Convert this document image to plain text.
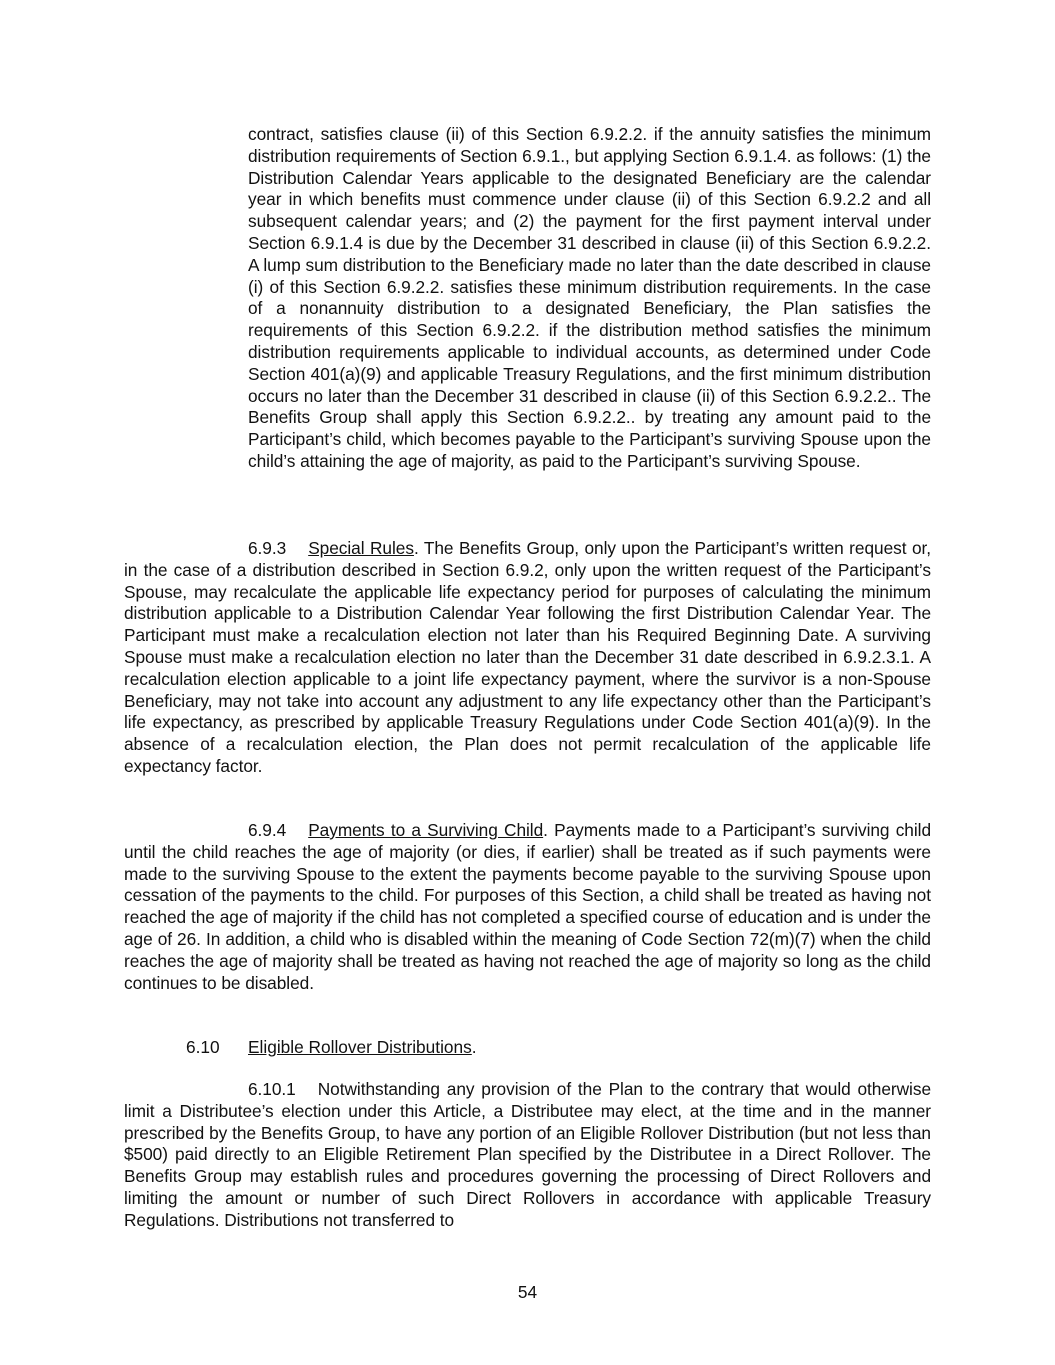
contract, satisfies clause (ii) of this Section 6.9.2.2. if the annuity satisfies the minimum distribution requirements of Section 6.9.1., but applying Section 6.9.1.4. as follows: (1) the Distribution Calendar Years applicable to the designated Beneficiary are the calendar year in which benefits must commence under clause (ii) of this Section 6.9.2.2 and all subsequent calendar years; and (2) the payment for the first payment interval under Section 6.9.1.4 is due by the December 31 described in clause (ii) of this Section 6.9.2.2. A lump sum distribution to the Beneficiary made no later than the date described in clause (i) of this Section 6.9.2.2. satisfies these minimum distribution requirements. In the case of a nonannuity distribution to a designated Beneficiary, the Plan satisfies the requirements of this Section 6.9.2.2. if the distribution method satisfies the minimum distribution requirements applicable to individual accounts, as determined under Code Section 401(a)(9) and applicable Treasury Regulations, and the first minimum distribution occurs no later than the December 31 described in clause (ii) of this Section 6.9.2.2.. The Benefits Group shall apply this Section 6.9.2.2.. by treating any amount paid to the Participant’s child, which becomes payable to the Participant’s surviving Spouse upon the child’s attaining the age of majority, as paid to the Participant’s surviving Spouse.

6.9.3 Special Rules. The Benefits Group, only upon the Participant’s written request or, in the case of a distribution described in Section 6.9.2, only upon the written request of the Participant’s Spouse, may recalculate the applicable life expectancy period for purposes of calculating the minimum distribution applicable to a Distribution Calendar Year following the first Distribution Calendar Year. The Participant must make a recalculation election not later than his Required Beginning Date. A surviving Spouse must make a recalculation election no later than the December 31 date described in 6.9.2.3.1. A recalculation election applicable to a joint life expectancy payment, where the survivor is a non-Spouse Beneficiary, may not take into account any adjustment to any life expectancy other than the Participant’s life expectancy, as prescribed by applicable Treasury Regulations under Code Section 401(a)(9). In the absence of a recalculation election, the Plan does not permit recalculation of the applicable life expectancy factor.

6.9.4 Payments to a Surviving Child. Payments made to a Participant’s surviving child until the child reaches the age of majority (or dies, if earlier) shall be treated as if such payments were made to the surviving Spouse to the extent the payments become payable to the surviving Spouse upon cessation of the payments to the child. For purposes of this Section, a child shall be treated as having not reached the age of majority if the child has not completed a specified course of education and is under the age of 26. In addition, a child who is disabled within the meaning of Code Section 72(m)(7) when the child reaches the age of majority shall be treated as having not reached the age of majority so long as the child continues to be disabled.

6.10 Eligible Rollover Distributions.

6.10.1 Notwithstanding any provision of the Plan to the contrary that would otherwise limit a Distributee’s election under this Article, a Distributee may elect, at the time and in the manner prescribed by the Benefits Group, to have any portion of an Eligible Rollover Distribution (but not less than $500) paid directly to an Eligible Retirement Plan specified by the Distributee in a Direct Rollover. The Benefits Group may establish rules and procedures governing the processing of Direct Rollovers and limiting the amount or number of such Direct Rollovers in accordance with applicable Treasury Regulations. Distributions not transferred to

54
